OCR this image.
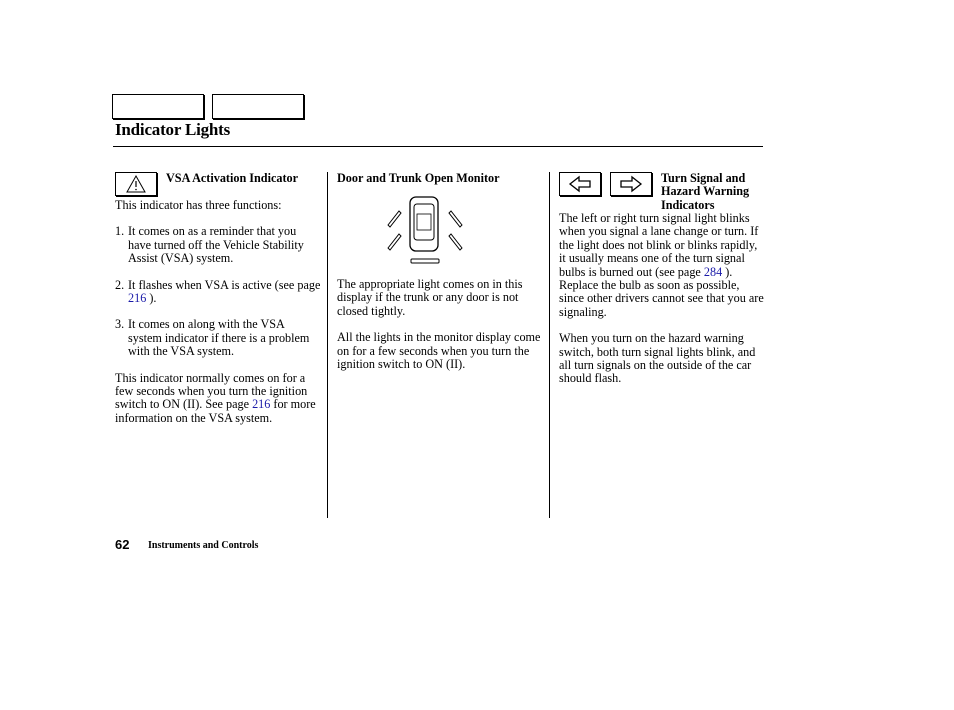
Indicator Lights
VSA Activation Indicator

This indicator has three functions:

1. It comes on as a reminder that you have turned off the Vehicle Stability Assist (VSA) system.
2. It flashes when VSA is active (see page 216 ).
3. It comes on along with the VSA system indicator if there is a problem with the VSA system.

This indicator normally comes on for a few seconds when you turn the ignition switch to ON (II). See page 216 for more information on the VSA system.

Door and Trunk Open Monitor

The appropriate light comes on in this display if the trunk or any door is not closed tightly.

All the lights in the monitor display come on for a few seconds when you turn the ignition switch to ON (II).

Turn Signal and
Hazard Warning
Indicators

The left or right turn signal light blinks when you signal a lane change or turn. If the light does not blink or blinks rapidly, it usually means one of the turn signal bulbs is burned out (see page 284 ). Replace the bulb as soon as possible, since other drivers cannot see that you are signaling.

When you turn on the hazard warning switch, both turn signal lights blink, and all turn signals on the outside of the car should flash.

62 Instruments and Controls
